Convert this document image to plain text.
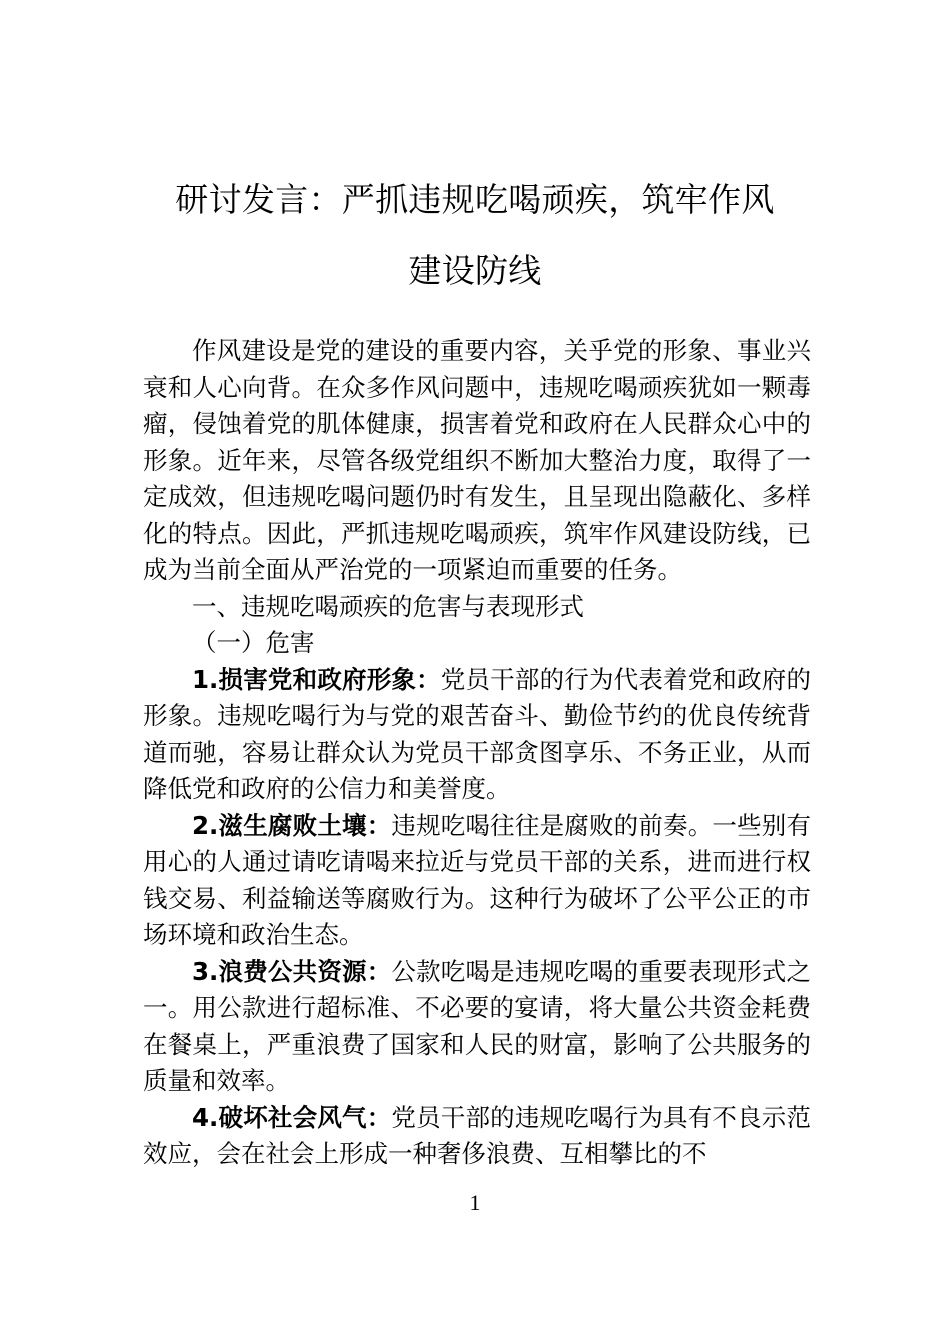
研讨发言：严抓违规吃喝顽疾，筑牢作风
建设防线

作风建设是党的建设的重要内容，关乎党的形象、事业兴衰和人心向背。在众多作风问题中，违规吃喝顽疾犹如一颗毒瘤，侵蚀着党的肌体健康，损害着党和政府在人民群众心中的形象。近年来，尽管各级党组织不断加大整治力度，取得了一定成效，但违规吃喝问题仍时有发生，且呈现出隐蔽化、多样化的特点。因此，严抓违规吃喝顽疾，筑牢作风建设防线，已成为当前全面从严治党的一项紧迫而重要的任务。

一、违规吃喝顽疾的危害与表现形式

（一）危害

1.损害党和政府形象：党员干部的行为代表着党和政府的形象。违规吃喝行为与党的艰苦奋斗、勤俭节约的优良传统背道而驰，容易让群众认为党员干部贪图享乐、不务正业，从而降低党和政府的公信力和美誉度。

2.滋生腐败土壤：违规吃喝往往是腐败的前奏。一些别有用心的人通过请吃请喝来拉近与党员干部的关系，进而进行权钱交易、利益输送等腐败行为。这种行为破坏了公平公正的市场环境和政治生态。

3.浪费公共资源：公款吃喝是违规吃喝的重要表现形式之一。用公款进行超标准、不必要的宴请，将大量公共资金耗费在餐桌上，严重浪费了国家和人民的财富，影响了公共服务的质量和效率。

4.破坏社会风气：党员干部的违规吃喝行为具有不良示范效应，会在社会上形成一种奢侈浪费、互相攀比的不

1
